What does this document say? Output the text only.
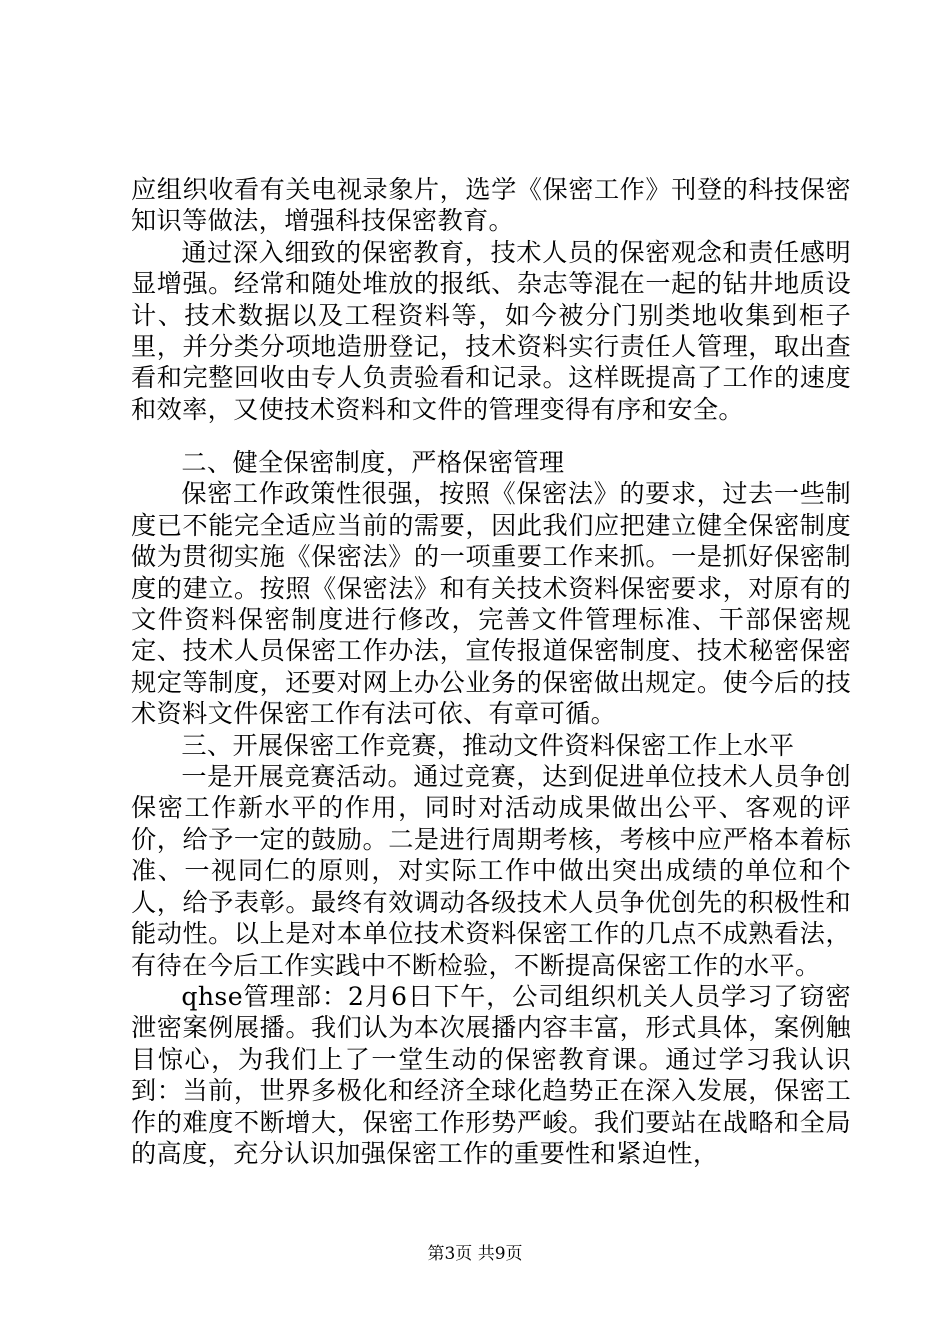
应组织收看有关电视录象片，选学《保密工作》刊登的科技保密知识等做法，增强科技保密教育。

通过深入细致的保密教育，技术人员的保密观念和责任感明显增强。经常和随处堆放的报纸、杂志等混在一起的钻井地质设计、技术数据以及工程资料等，如今被分门别类地收集到柜子里，并分类分项地造册登记，技术资料实行责任人管理，取出查看和完整回收由专人负责验看和记录。这样既提高了工作的速度和效率，又使技术资料和文件的管理变得有序和安全。

二、健全保密制度，严格保密管理

保密工作政策性很强，按照《保密法》的要求，过去一些制度已不能完全适应当前的需要，因此我们应把建立健全保密制度做为贯彻实施《保密法》的一项重要工作来抓。一是抓好保密制度的建立。按照《保密法》和有关技术资料保密要求，对原有的文件资料保密制度进行修改，完善文件管理标准、干部保密规定、技术人员保密工作办法，宣传报道保密制度、技术秘密保密规定等制度，还要对网上办公业务的保密做出规定。使今后的技术资料文件保密工作有法可依、有章可循。

三、开展保密工作竞赛，推动文件资料保密工作上水平

一是开展竞赛活动。通过竞赛，达到促进单位技术人员争创保密工作新水平的作用，同时对活动成果做出公平、客观的评价，给予一定的鼓励。二是进行周期考核，考核中应严格本着标准、一视同仁的原则，对实际工作中做出突出成绩的单位和个人，给予表彰。最终有效调动各级技术人员争优创先的积极性和能动性。以上是对本单位技术资料保密工作的几点不成熟看法，有待在今后工作实践中不断检验，不断提高保密工作的水平。

qhse管理部：2月6日下午，公司组织机关人员学习了窃密泄密案例展播。我们认为本次展播内容丰富，形式具体，案例触目惊心，为我们上了一堂生动的保密教育课。通过学习我认识到：当前，世界多极化和经济全球化趋势正在深入发展，保密工作的难度不断增大，保密工作形势严峻。我们要站在战略和全局的高度，充分认识加强保密工作的重要性和紧迫性，

第3页 共9页
